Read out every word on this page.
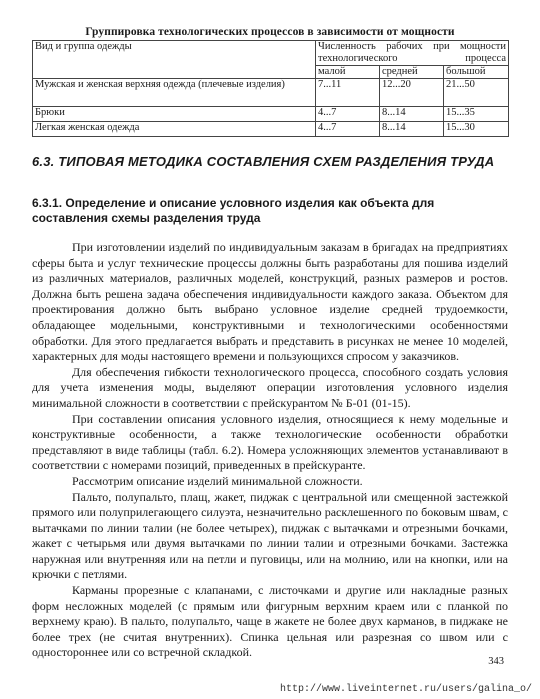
Группировка технологических процессов в зависимости от мощности
Вид и группа одежды	Численность рабочих при мощности технологического процесса		
	малой	средней	большой
Мужская и женская верхняя одежда (плечевые изделия)	7...11	12...20	21...50
Брюки	4...7	8...14	15...35
Легкая женская одежда	4...7	8...14	15...30
6.3. ТИПОВАЯ МЕТОДИКА СОСТАВЛЕНИЯ СХЕМ РАЗДЕЛЕНИЯ ТРУДА
6.3.1. Определение и описание условного изделия как объекта для составления схемы разделения труда

При изготовлении изделий по индивидуальным заказам в бригадах на предприятиях сферы быта и услуг технические процессы должны быть разработаны для пошива изделий из различных материалов, различных моделей, конструкций, разных размеров и ростов. Должна быть решена задача обеспечения индивидуальности каждого заказа. Объектом для проектирования должно быть выбрано условное изделие средней трудоемкости, обладающее модельными, конструктивными и технологическими особенностями обработки. Для этого предлагается выбрать и представить в рисунках не менее 10 моделей, характерных для моды настоящего времени и пользующихся спросом у заказчиков.

Для обеспечения гибкости технологического процесса, способного создать условия для учета изменения моды, выделяют операции изготовления условного изделия минимальной сложности в соответствии с прейскурантом № Б-01 (01-15).

При составлении описания условного изделия, относящиеся к нему модельные и конструктивные особенности, а также технологические особенности обработки представляют в виде таблицы (табл. 6.2). Номера усложняющих элементов устанавливают в соответствии с номерами позиций, приведенных в прейскуранте.

Рассмотрим описание изделий минимальной сложности.

Пальто, полупальто, плащ, жакет, пиджак с центральной или смещенной застежкой прямого или полуприлегающего силуэта, незначительно расклешенного по боковым швам, с вытачками по линии талии (не более четырех), пиджак с вытачками и отрезными бочками, жакет с четырьмя или двумя вытачками по линии талии и отрезными бочками. Застежка наружная или внутренняя или на петли и пуговицы, или на молнию, или на кнопки, или на крючки с петлями.

Карманы прорезные с клапанами, с листочками и другие или накладные разных форм несложных моделей (с прямым или фигурным верхним краем или с планкой по верхнему краю). В пальто, полупальто, чаще в жакете не более двух карманов, в пиджаке не более трех (не считая внутренних). Спинка цельная или разрезная со швом или с одностороннее или со встречной складкой.

343
http://www.liveinternet.ru/users/galina_o/
